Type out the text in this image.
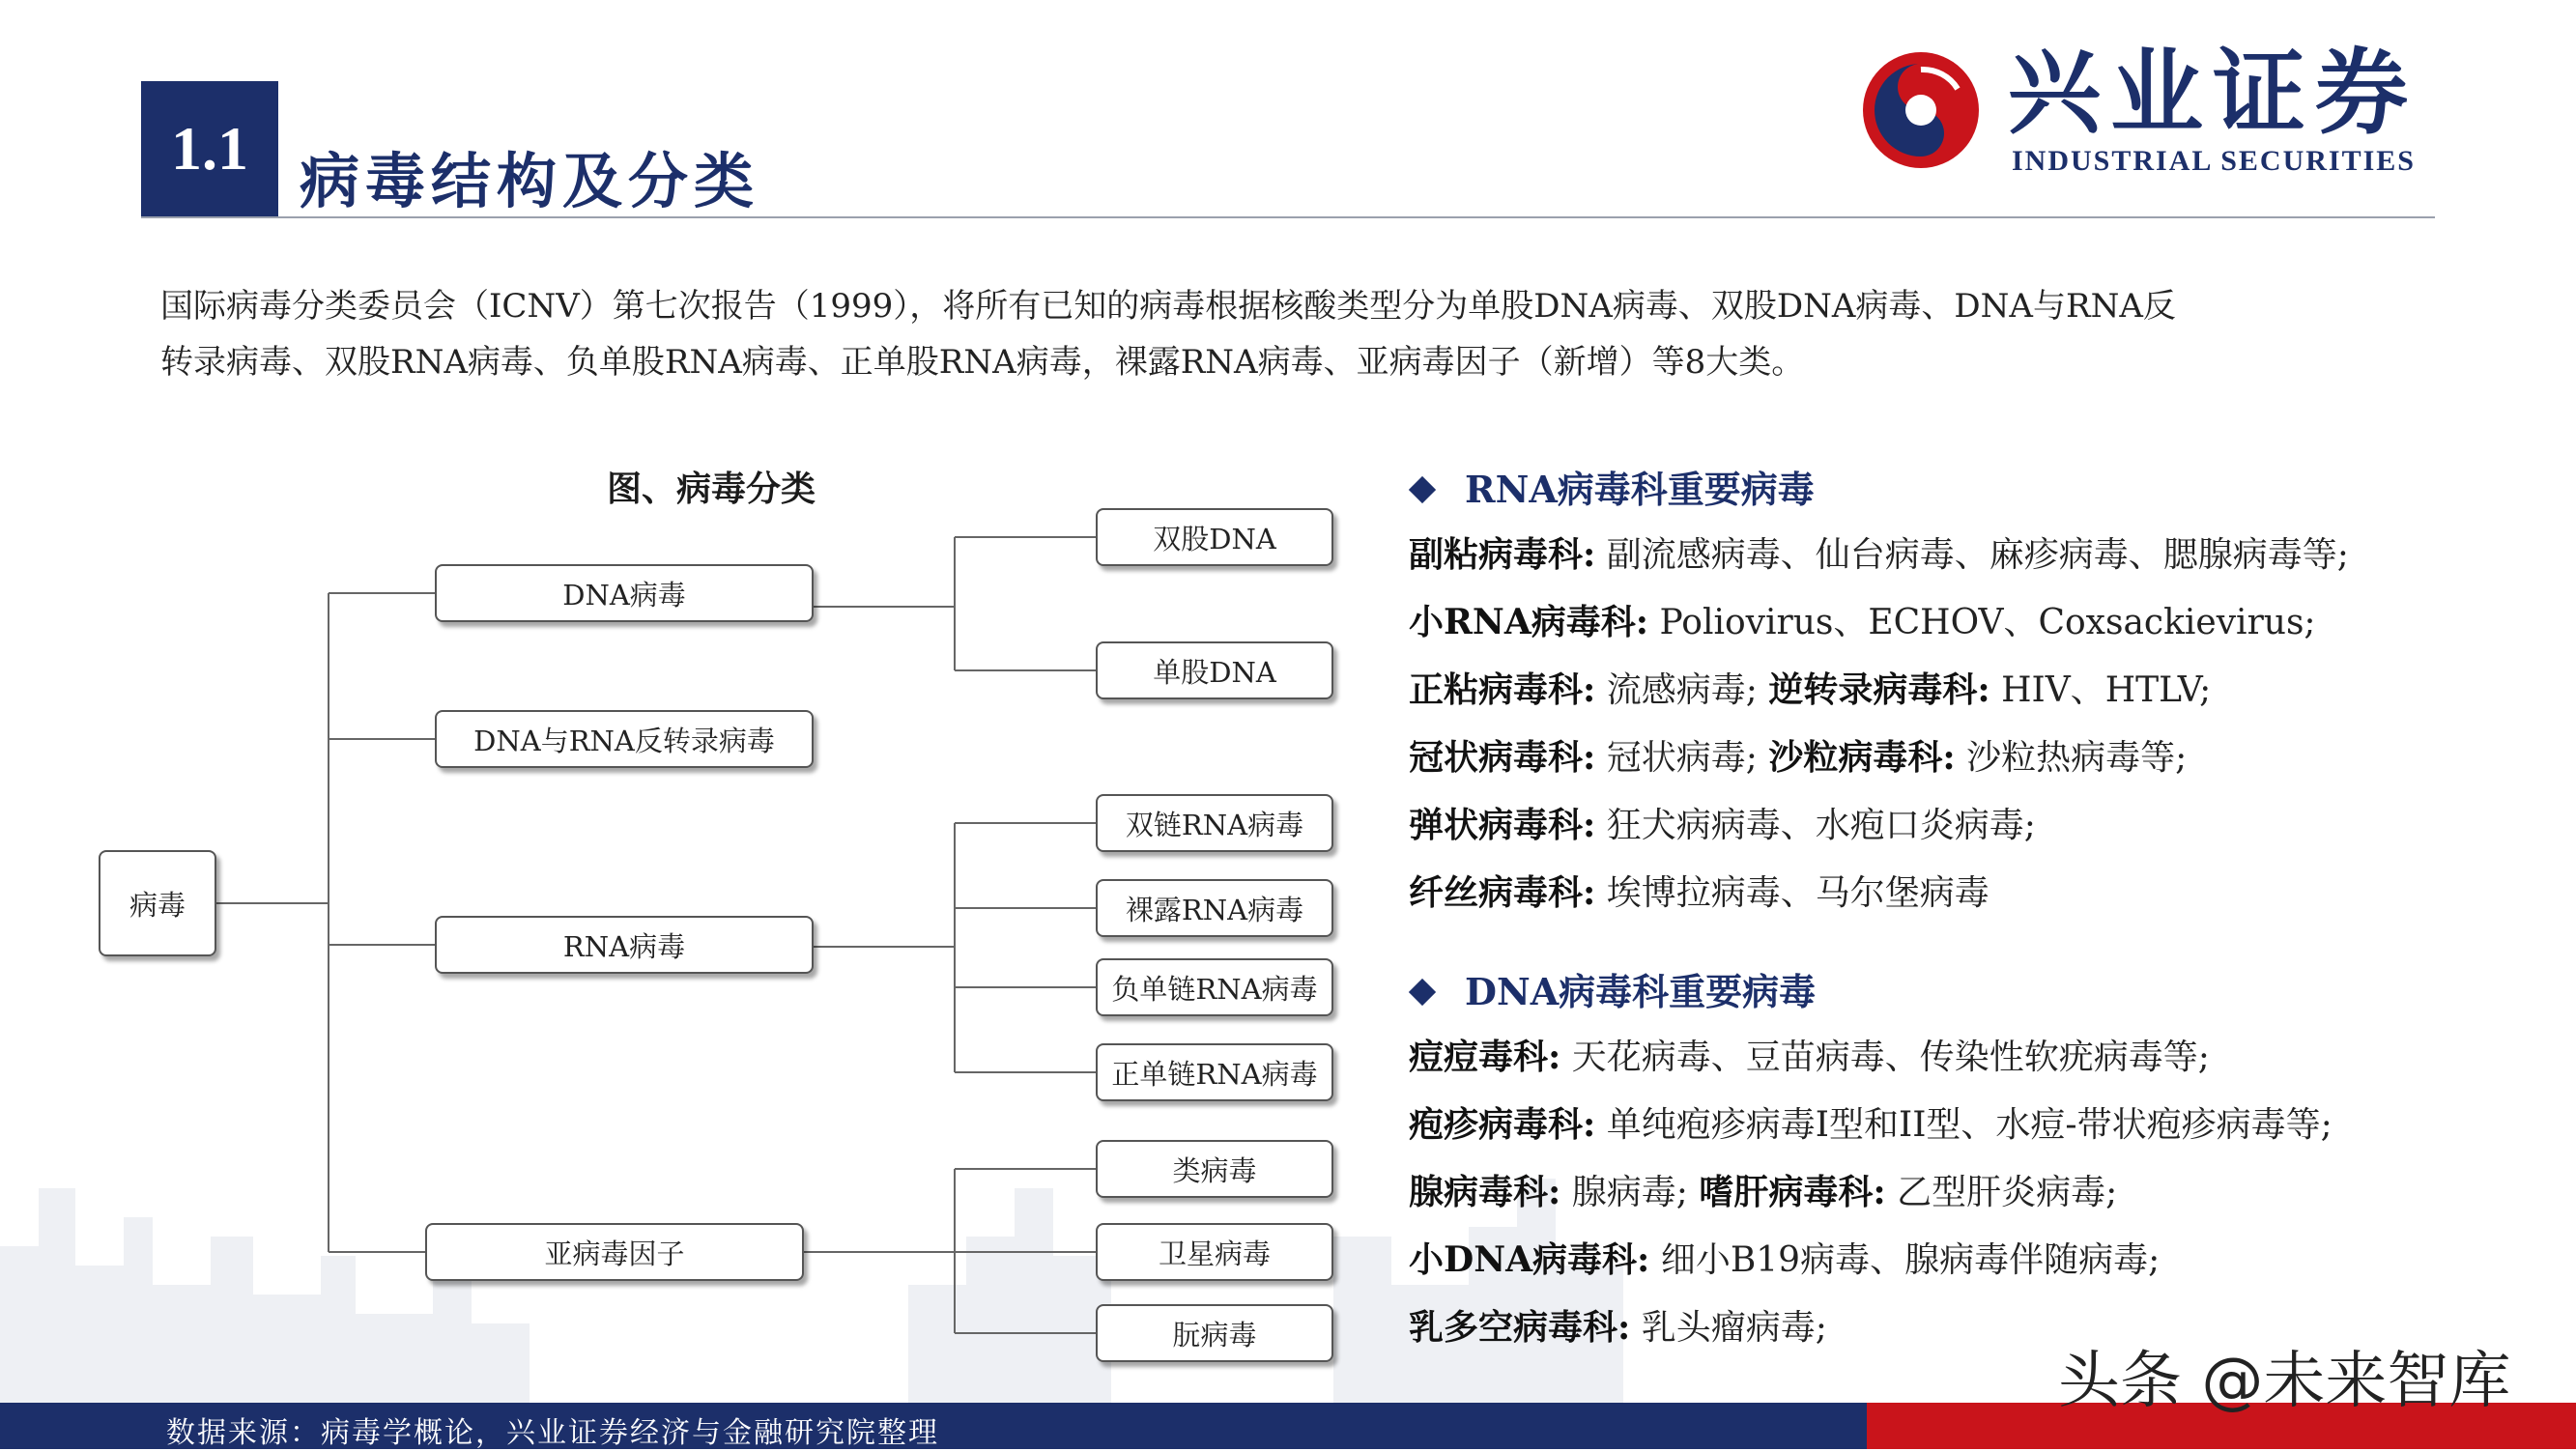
1.1 病毒结构及分类
兴业证券
INDUSTRIAL SECURITIES
国际病毒分类委员会（ICNV）第七次报告（1999），将所有已知的病毒根据核酸类型分为单股DNA病毒、双股DNA病毒、DNA与RNA反
转录病毒、双股RNA病毒、负单股RNA病毒、正单股RNA病毒，裸露RNA病毒、亚病毒因子（新增）等8大类。
图、病毒分类
病毒
DNA病毒
DNA与RNA反转录病毒
RNA病毒
亚病毒因子
双股DNA
单股DNA
双链RNA病毒
裸露RNA病毒
负单链RNA病毒
正单链RNA病毒
类病毒
卫星病毒
朊病毒
RNA病毒科重要病毒
副粘病毒科: 副流感病毒、仙台病毒、麻疹病毒、腮腺病毒等;
小RNA病毒科: Poliovirus、ECHOV、Coxsackievirus;
正粘病毒科: 流感病毒; 逆转录病毒科: HIV、HTLV;
冠状病毒科: 冠状病毒; 沙粒病毒科: 沙粒热病毒等;
弹状病毒科: 狂犬病病毒、水疱口炎病毒;
纤丝病毒科: 埃博拉病毒、马尔堡病毒
DNA病毒科重要病毒
痘痘毒科: 天花病毒、豆苗病毒、传染性软疣病毒等;
疱疹病毒科: 单纯疱疹病毒I型和II型、水痘-带状疱疹病毒等;
腺病毒科: 腺病毒; 嗜肝病毒科: 乙型肝炎病毒;
小DNA病毒科: 细小B19病毒、腺病毒伴随病毒;
乳多空病毒科: 乳头瘤病毒;
数据来源：病毒学概论，兴业证券经济与金融研究院整理
头条 @未来智库
